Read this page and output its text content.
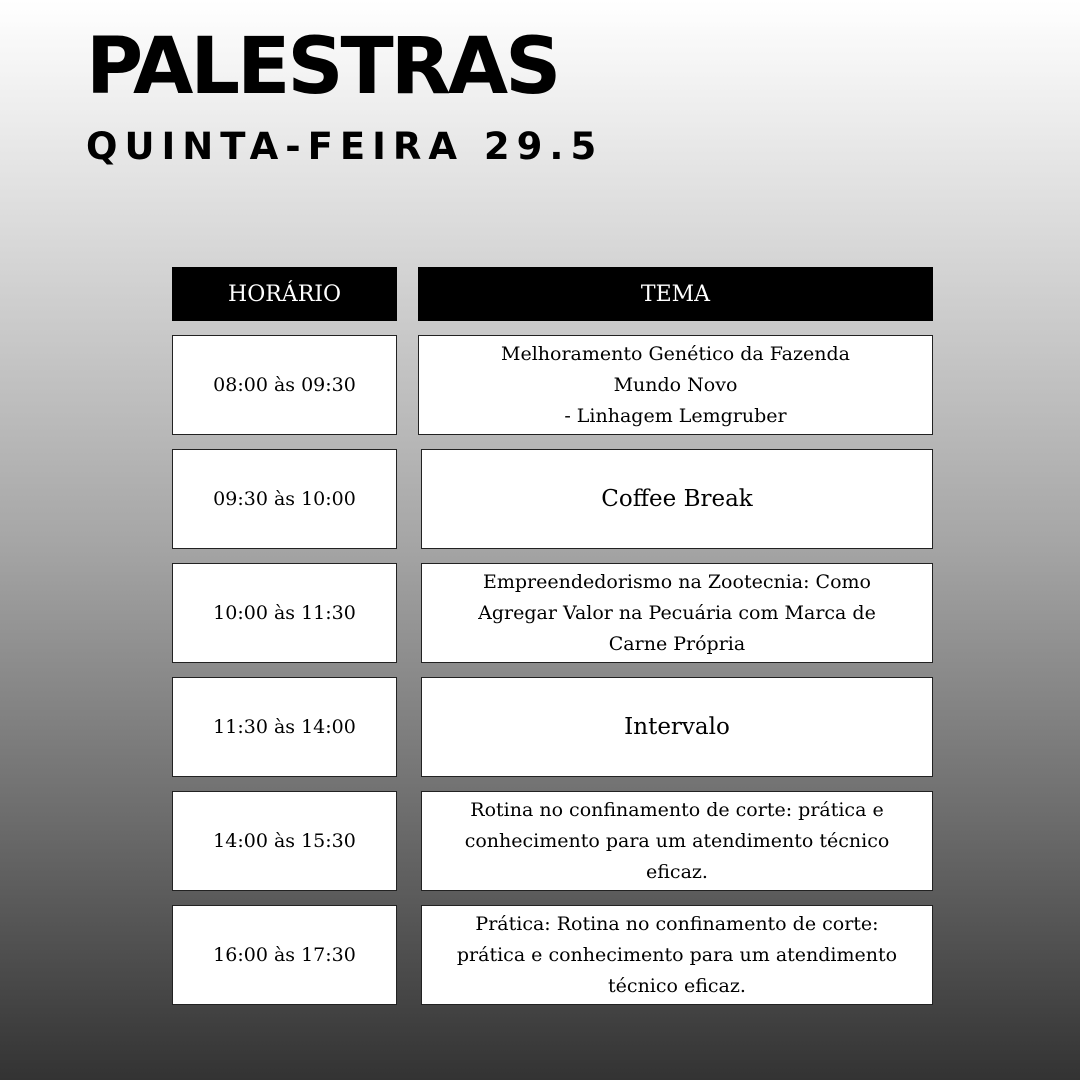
PALESTRAS
QUINTA-FEIRA 29.5
HORÁRIO	TEMA
08:00 às 09:30
Melhoramento Genético da Fazenda
Mundo Novo
- Linhagem Lemgruber
09:30 às 10:00	Coffee Break
10:00 às 11:30
Empreendedorismo na Zootecnia: Como
Agregar Valor na Pecuária com Marca de
Carne Própria
11:30 às 14:00	Intervalo
14:00 às 15:30
Rotina no confinamento de corte: prática e
conhecimento para um atendimento técnico
eficaz.
16:00 às 17:30
Prática: Rotina no confinamento de corte:
prática e conhecimento para um atendimento
técnico eficaz.
